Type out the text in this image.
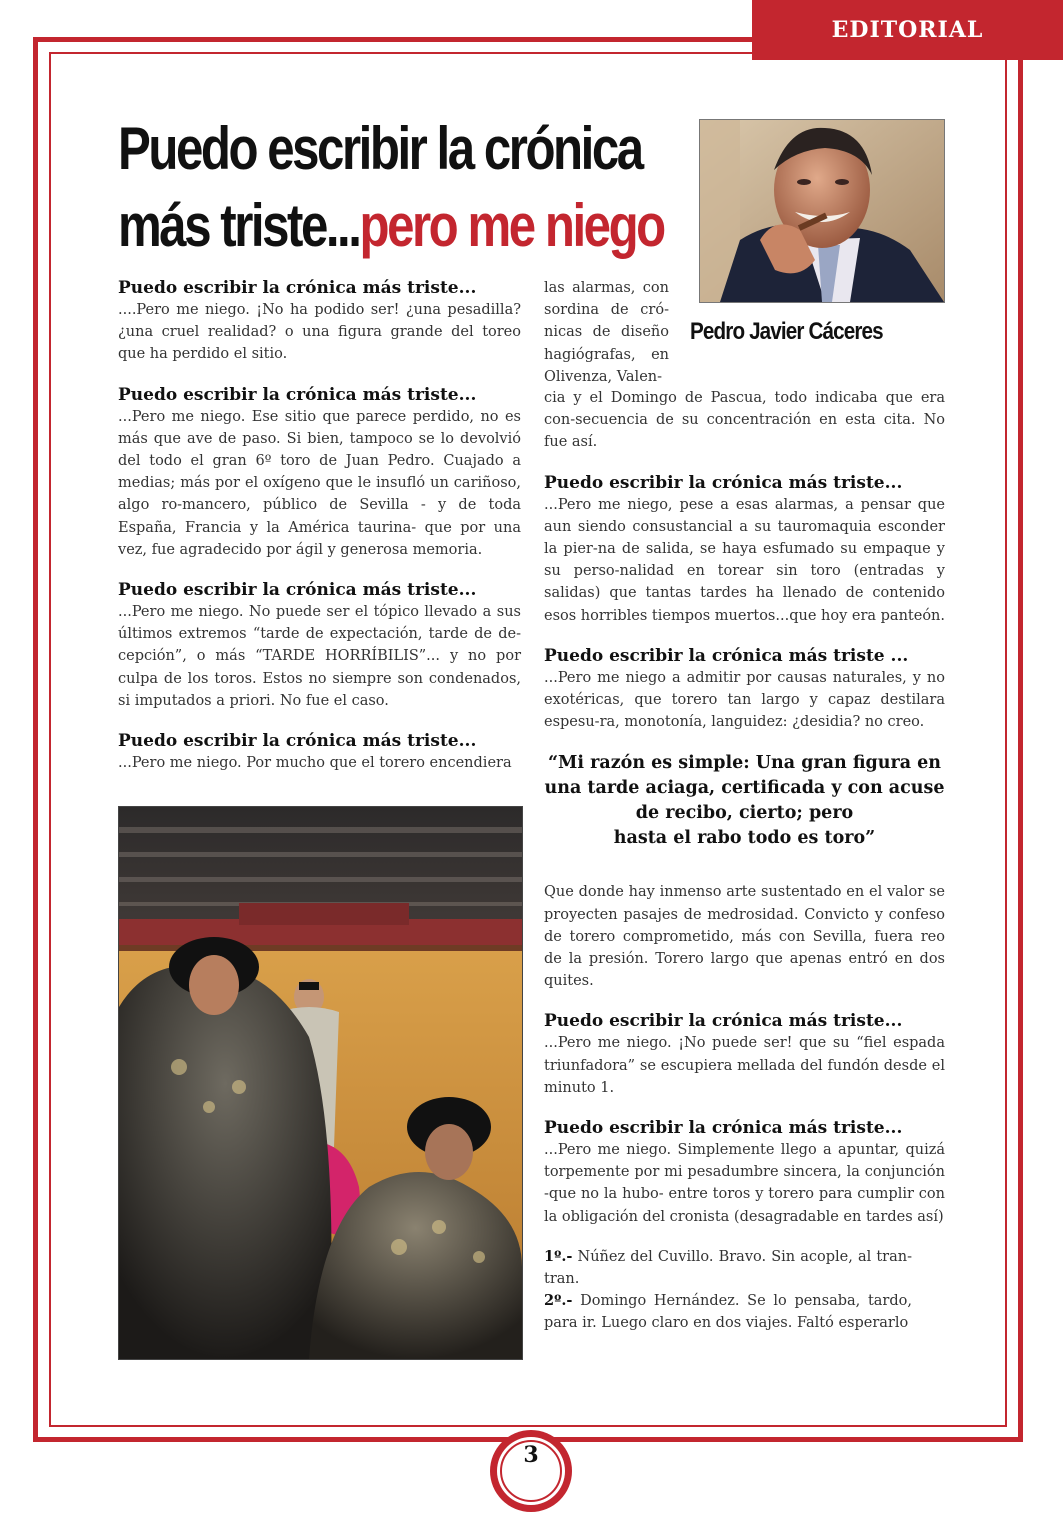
EDITORIAL
Puedo escribir la crónica
más triste...pero me niego
Pedro Javier Cáceres
Puedo escribir la crónica más triste...

....Pero me niego. ¡No ha podido ser! ¿una pesadilla? ¿una cruel realidad? o una figura grande del toreo que ha perdido el sitio.

Puedo escribir la crónica más triste...

...Pero me niego. Ese sitio que parece perdido, no es más que ave de paso. Si bien, tampoco se lo devolvió del todo el gran 6º toro de Juan Pedro. Cuajado a medias; más por el oxígeno que le insufló un cariñoso, algo ro-mancero, público de Sevilla - y de toda España, Francia y la América taurina- que por una vez, fue agradecido por ágil y generosa memoria.

Puedo escribir la crónica más triste...

...Pero me niego. No puede ser el tópico llevado a sus últimos extremos “tarde de expectación, tarde de de-cepción”, o más “TARDE HORRÍBILIS”... y no por culpa de los toros. Estos no siempre son condenados, si imputados a priori. No fue el caso.

Puedo escribir la crónica más triste...

...Pero me niego. Por mucho que el torero encendiera

las alarmas, con sordina de cró-nicas de diseño hagiógrafas, en Olivenza, Valen-

cia y el Domingo de Pascua, todo indicaba que era con-secuencia de su concentración en esta cita. No fue así.

Puedo escribir la crónica más triste...

...Pero me niego, pese a esas alarmas, a pensar que aun siendo consustancial a su tauromaquia esconder la pier-na de salida, se haya esfumado su empaque y su perso-nalidad en torear sin toro (entradas y salidas) que tantas tardes ha llenado de contenido esos horribles tiempos muertos...que hoy era panteón.

Puedo escribir la crónica más triste ...

...Pero me niego a admitir por causas naturales, y no exotéricas, que torero tan largo y capaz destilara espesu-ra, monotonía, languidez: ¿desidia? no creo.

“Mi razón es simple: Una gran figura en
una tarde aciaga, certificada y con acuse
de recibo, cierto; pero
hasta el rabo todo es toro”

Que donde hay inmenso arte sustentado en el valor se proyecten pasajes de medrosidad. Convicto y confeso de torero comprometido, más con Sevilla, fuera reo de la presión. Torero largo que apenas entró en dos quites.

Puedo escribir la crónica más triste...

...Pero me niego. ¡No puede ser! que su “fiel espada triunfadora” se escupiera mellada del fundón desde el minuto 1.

Puedo escribir la crónica más triste...

...Pero me niego. Simplemente llego a apuntar, quizá torpemente por mi pesadumbre sincera, la conjunción -que no la hubo- entre toros y torero para cumplir con la obligación del cronista (desagradable en tardes así)

1º.- Núñez del Cuvillo. Bravo. Sin acople, al tran-tran.

2º.- Domingo Hernández. Se lo pensaba, tardo, para ir. Luego claro en dos viajes. Faltó esperarlo

3
